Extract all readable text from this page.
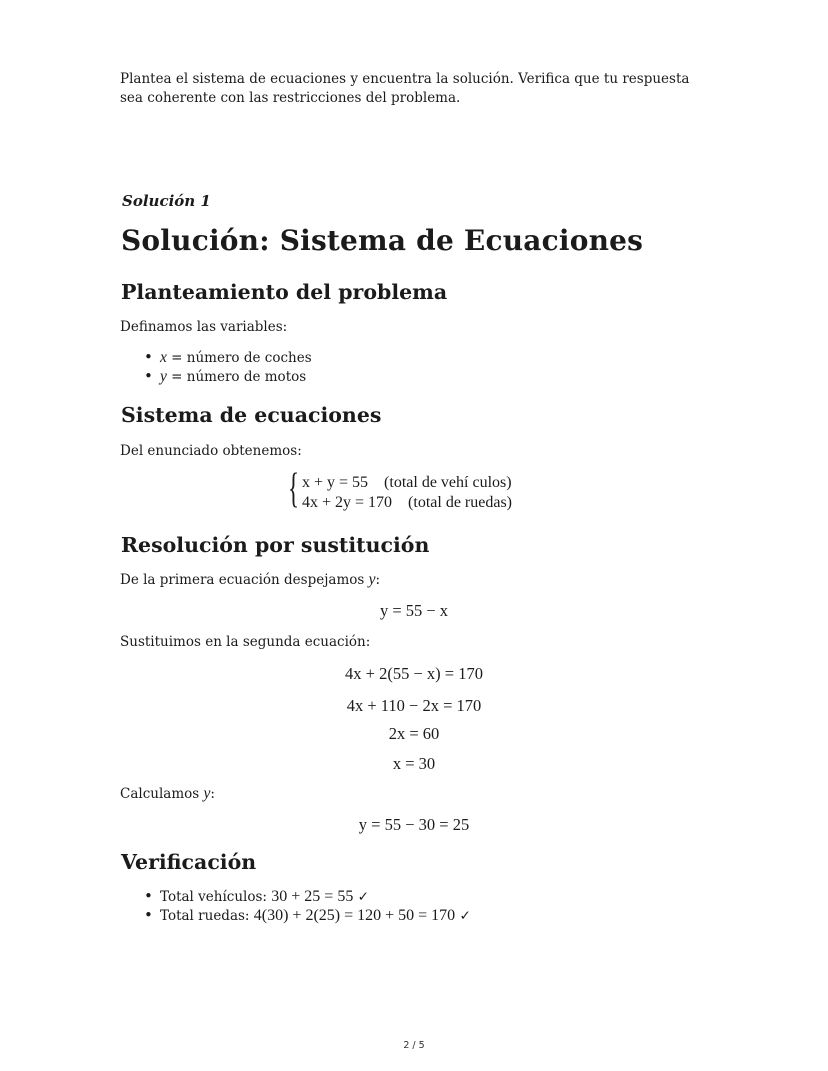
Plantea el sistema de ecuaciones y encuentra la solución. Verifica que tu respuesta sea coherente con las restricciones del problema.
Solución 1
Solución: Sistema de Ecuaciones
Planteamiento del problema
Definamos las variables:
• x = número de coches
• y = número de motos
Sistema de ecuaciones
Del enunciado obtenemos:
{ x + y = 55 (total de vehí culos)
4x + 2y = 170 (total de ruedas)
Resolución por sustitución
De la primera ecuación despejamos y:
y = 55 − x
Sustituimos en la segunda ecuación:
4x + 2(55 − x) = 170
4x + 110 − 2x = 170
2x = 60
x = 30
Calculamos y:
y = 55 − 30 = 25
Verificación
• Total vehículos: 30 + 25 = 55 ✓
• Total ruedas: 4(30) + 2(25) = 120 + 50 = 170 ✓
2 / 5
